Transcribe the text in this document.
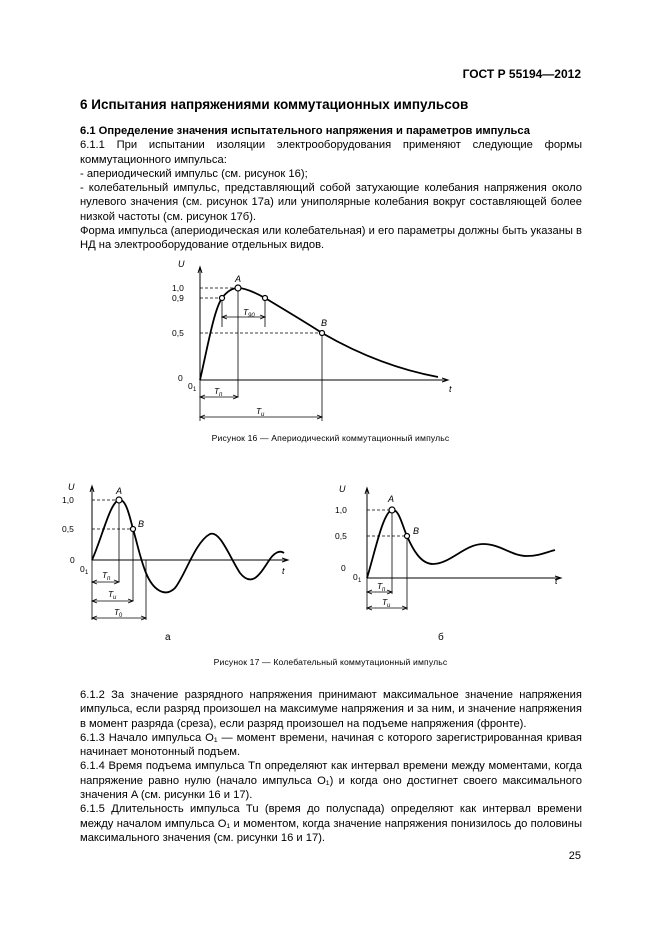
ГОСТ Р 55194—2012
6 Испытания напряжениями коммутационных импульсов

6.1 Определение значения испытательного напряжения и параметров импульса

6.1.1 При испытании изоляции электрооборудования применяют следующие формы коммутационного импульса:

- апериодический импульс (см. рисунок 16);

- колебательный импульс, представляющий собой затухающие колебания напряжения около нулевого значения (см. рисунок 17а) или униполярные колебания вокруг составляющей более низкой частоты (см. рисунок 17б).

Форма импульса (апериодическая или колебательная) и его параметры должны быть указаны в НД на электрооборудование отдельных видов.

U
t
A
B
1,0
0,9
0,5
0
0 1 T п
T u
T 90
Рисунок 16 — Апериодический коммутационный импульс
U
t
A
B
1,0
0,5
0
0 1 T п
T u
T 0
U
t
A
B
1,0
0,5
0
0 1 T п
T u
а	б
Рисунок 17 — Колебательный коммутационный импульс

6.1.2 За значение разрядного напряжения принимают максимальное значение напряжения импульса, если разряд произошел на максимуме напряжения и за ним, и значение напряжения в момент разряда (среза), если разряд произошел на подъеме напряжения (фронте).

6.1.3 Начало импульса O₁ — момент времени, начиная с которого зарегистрированная кривая начинает монотонный подъем.

6.1.4 Время подъема импульса Tп определяют как интервал времени между моментами, когда напряжение равно нулю (начало импульса O₁) и когда оно достигнет своего максимального значения A (см. рисунки 16 и 17).

6.1.5 Длительность импульса Tu (время до полуспада) определяют как интервал времени между началом импульса O₁ и моментом, когда значение напряжения понизилось до половины максимального значения (см. рисунки 16 и 17).

25
